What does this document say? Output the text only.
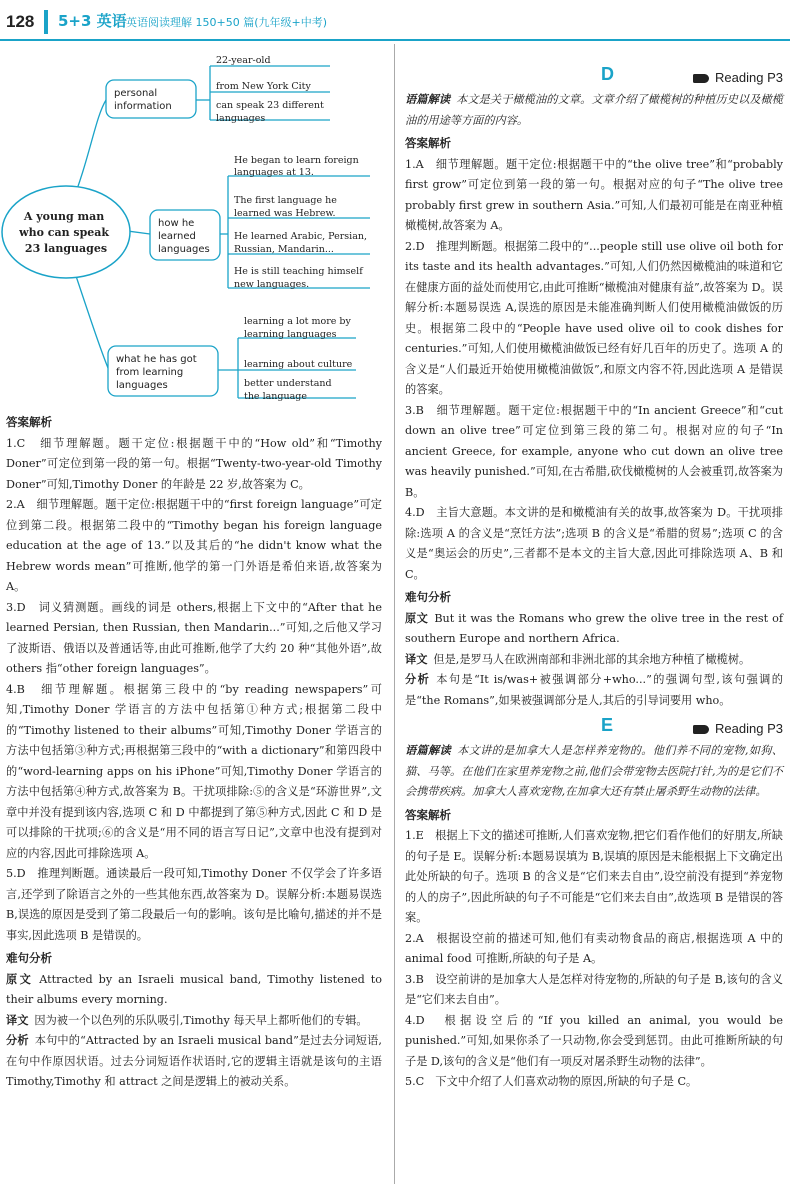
128 5+3 英语 英语阅读理解 150+50 篇(九年级+中考)
A young man who can speak 23 languages
personal information
22-year-old from New York City can speak 23 different languages
how he learned languages
He began to learn foreign languages at 13. The first language he learned was Hebrew. He learned Arabic, Persian, Russian, Mandarin... He is still teaching himself new languages.
what he has got from learning languages
learning a lot more by learning languages learning about culture better understand the language
答案解析

1.C　细节理解题。题干定位:根据题干中的“How old”和“Timothy Doner”可定位到第一段的第一句。根据“Twenty-two-year-old Timothy Doner”可知,Timothy Doner 的年龄是 22 岁,故答案为 C。

2.A　细节理解题。题干定位:根据题干中的“first foreign language”可定位到第二段。根据第二段中的“Timothy began his foreign language education at the age of 13.”以及其后的“he didn't know what the Hebrew words mean”可推断,他学的第一门外语是希伯来语,故答案为 A。

3.D　词义猜测题。画线的词是 others,根据上下文中的“After that he learned Persian, then Russian, then Mandarin...”可知,之后他又学习了波斯语、俄语以及普通话等,由此可推断,他学了大约 20 种“其他外语”,故 others 指“other foreign languages”。

4.B　细节理解题。根据第三段中的“by reading newspapers”可知,Timothy Doner 学语言的方法中包括第①种方式;根据第二段中的“Timothy listened to their albums”可知,Timothy Doner 学语言的方法中包括第③种方式;再根据第三段中的“with a dictionary”和第四段中的“word-learning apps on his iPhone”可知,Timothy Doner 学语言的方法中包括第④种方式,故答案为 B。干扰项排除:⑤的含义是“环游世界”,文章中并没有提到该内容,选项 C 和 D 中都提到了第⑤种方式,因此 C 和 D 是可以排除的干扰项;⑥的含义是“用不同的语言写日记”,文章中也没有提到对应的内容,因此可排除选项 A。

5.D　推理判断题。通读最后一段可知,Timothy Doner 不仅学会了许多语言,还学到了除语言之外的一些其他东西,故答案为 D。误解分析:本题易误选 B,误选的原因是受到了第二段最后一句的影响。该句是比喻句,描述的并不是事实,因此选项 B 是错误的。

难句分析

原文 Attracted by an Israeli musical band, Timothy listened to their albums every morning.

译文 因为被一个以色列的乐队吸引,Timothy 每天早上都听他们的专辑。

分析 本句中的“Attracted by an Israeli musical band”是过去分词短语,在句中作原因状语。过去分词短语作状语时,它的逻辑主语就是该句的主语 Timothy,Timothy 和 attract 之间是逻辑上的被动关系。

D	Reading P3

语篇解读 本文是关于橄榄油的文章。文章介绍了橄榄树的种植历史以及橄榄油的用途等方面的内容。

答案解析

1.A　细节理解题。题干定位:根据题干中的“the olive tree”和“probably first grow”可定位到第一段的第一句。根据对应的句子“The olive tree probably first grew in southern Asia.”可知,人们最初可能是在南亚种植橄榄树,故答案为 A。

2.D　推理判断题。根据第二段中的“...people still use olive oil both for its taste and its health advantages.”可知,人们仍然因橄榄油的味道和它在健康方面的益处而使用它,由此可推断“橄榄油对健康有益”,故答案为 D。误解分析:本题易误选 A,误选的原因是未能准确判断人们使用橄榄油做饭的历史。根据第二段中的“People have used olive oil to cook dishes for centuries.”可知,人们使用橄榄油做饭已经有好几百年的历史了。选项 A 的含义是“人们最近开始使用橄榄油做饭”,和原文内容不符,因此选项 A 是错误的答案。

3.B　细节理解题。题干定位:根据题干中的“In ancient Greece”和“cut down an olive tree”可定位到第三段的第二句。根据对应的句子“In ancient Greece, for example, anyone who cut down an olive tree was heavily punished.”可知,在古希腊,砍伐橄榄树的人会被重罚,故答案为 B。

4.D　主旨大意题。本文讲的是和橄榄油有关的故事,故答案为 D。干扰项排除:选项 A 的含义是“烹饪方法”;选项 B 的含义是“希腊的贸易”;选项 C 的含义是“奥运会的历史”,三者都不是本文的主旨大意,因此可排除选项 A、B 和 C。

难句分析

原文 But it was the Romans who grew the olive tree in the rest of southern Europe and northern Africa.

译文 但是,是罗马人在欧洲南部和非洲北部的其余地方种植了橄榄树。

分析 本句是“It is/was+被强调部分+who...”的强调句型,该句强调的是“the Romans”,如果被强调部分是人,其后的引导词要用 who。

E	Reading P3

语篇解读 本文讲的是加拿大人是怎样养宠物的。他们养不同的宠物,如狗、猫、马等。在他们在家里养宠物之前,他们会带宠物去医院打针,为的是它们不会携带疾病。加拿大人喜欢宠物,在加拿大还有禁止屠杀野生动物的法律。

答案解析

1.E　根据上下文的描述可推断,人们喜欢宠物,把它们看作他们的好朋友,所缺的句子是 E。误解分析:本题易误填为 B,误填的原因是未能根据上下文确定出此处所缺的句子。选项 B 的含义是“它们来去自由”,设空前没有提到“养宠物的人的房子”,因此所缺的句子不可能是“它们来去自由”,故选项 B 是错误的答案。

2.A　根据设空前的描述可知,他们有卖动物食品的商店,根据选项 A 中的 animal food 可推断,所缺的句子是 A。

3.B　设空前讲的是加拿大人是怎样对待宠物的,所缺的句子是 B,该句的含义是“它们来去自由”。

4.D　根据设空后的“If you killed an animal, you would be punished.”可知,如果你杀了一只动物,你会受到惩罚。由此可推断所缺的句子是 D,该句的含义是“他们有一项反对屠杀野生动物的法律”。

5.C　下文中介绍了人们喜欢动物的原因,所缺的句子是 C。
